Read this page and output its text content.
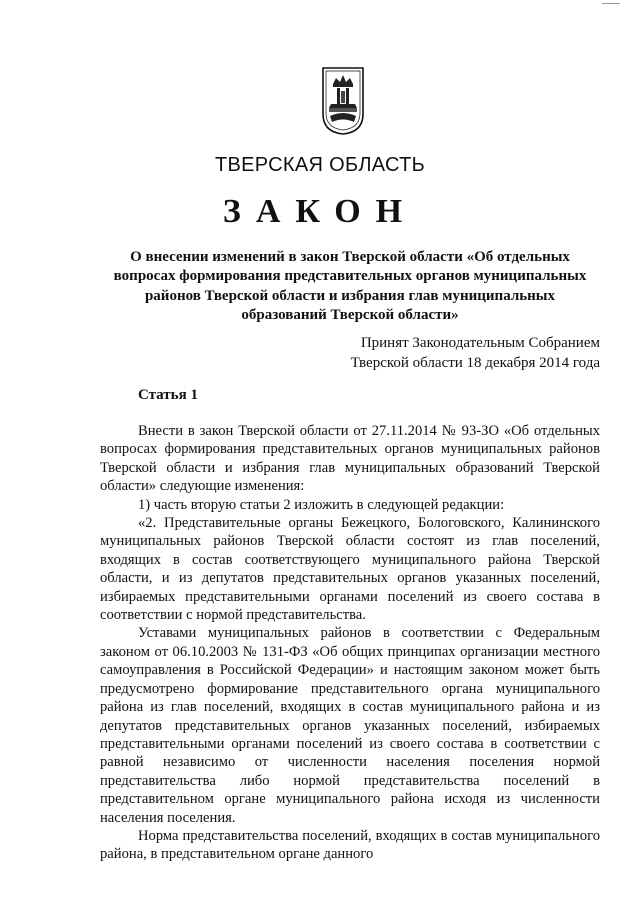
ТВЕРСКАЯ ОБЛАСТЬ
ЗАКОН
О внесении изменений в закон Тверской области «Об отдельных
вопросах формирования представительных органов муниципальных
районов Тверской области и избрания глав муниципальных
образований Тверской области»
Принят Законодательным Собранием
Тверской области 18 декабря 2014 года
Статья 1

Внести в закон Тверской области от 27.11.2014 № 93-ЗО «Об отдельных вопросах формирования представительных органов муниципальных районов Тверской области и избрания глав муниципальных образований Тверской области» следующие изменения:

1) часть вторую статьи 2 изложить в следующей редакции:

«2. Представительные органы Бежецкого, Бологовского, Калининского муниципальных районов Тверской области состоят из глав поселений, входящих в состав соответствующего муниципального района Тверской области, и из депутатов представительных органов указанных поселений, избираемых представительными органами поселений из своего состава в соответствии с нормой представительства.

Уставами муниципальных районов в соответствии с Федеральным законом от 06.10.2003 № 131-ФЗ «Об общих принципах организации местного самоуправления в Российской Федерации» и настоящим законом может быть предусмотрено формирование представительного органа муниципального района из глав поселений, входящих в состав муниципального района и из депутатов представительных органов указанных поселений, избираемых представительными органами поселений из своего состава в соответствии с равной независимо от численности населения поселения нормой представительства либо нормой представительства поселений в представительном органе муниципального района исходя из численности населения поселения.

Норма представительства поселений, входящих в состав муниципального района, в представительном органе данного
